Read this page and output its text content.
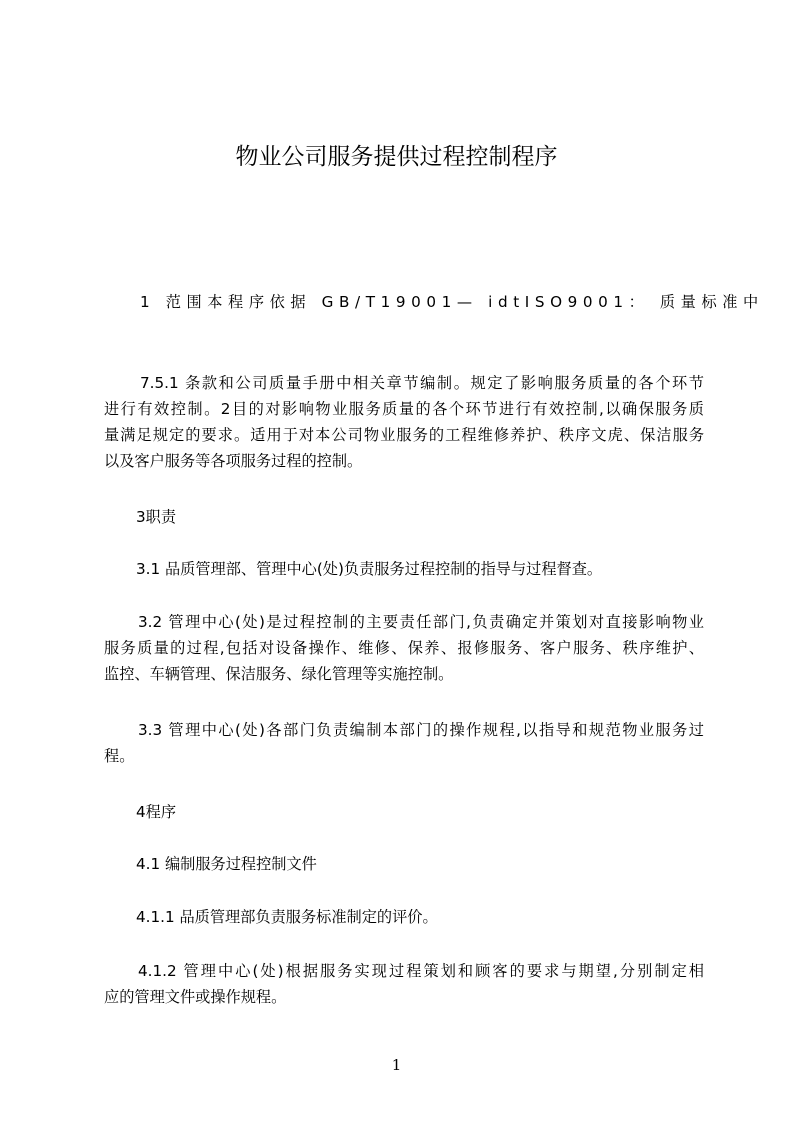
物业公司服务提供过程控制程序

1 范围本程序依据 GB/T19001— idtISO9001： 质量标准中

7.5.1 条款和公司质量手册中相关章节编制。规定了影响服务质量的各个环节

进行有效控制。2目的对影响物业服务质量的各个环节进行有效控制,以确保服务质

量满足规定的要求。适用于对本公司物业服务的工程维修养护、秩序文虎、保洁服务

以及客户服务等各项服务过程的控制。

3职责

3.1 品质管理部、管理中心(处)负责服务过程控制的指导与过程督查。

3.2 管理中心(处)是过程控制的主要责任部门,负责确定并策划对直接影响物业

服务质量的过程,包括对设备操作、维修、保养、报修服务、客户服务、秩序维护、

监控、车辆管理、保洁服务、绿化管理等实施控制。

3.3 管理中心(处)各部门负责编制本部门的操作规程,以指导和规范物业服务过

程。

4程序

4.1 编制服务过程控制文件

4.1.1 品质管理部负责服务标准制定的评价。

4.1.2 管理中心(处)根据服务实现过程策划和顾客的要求与期望,分别制定相

应的管理文件或操作规程。

1
